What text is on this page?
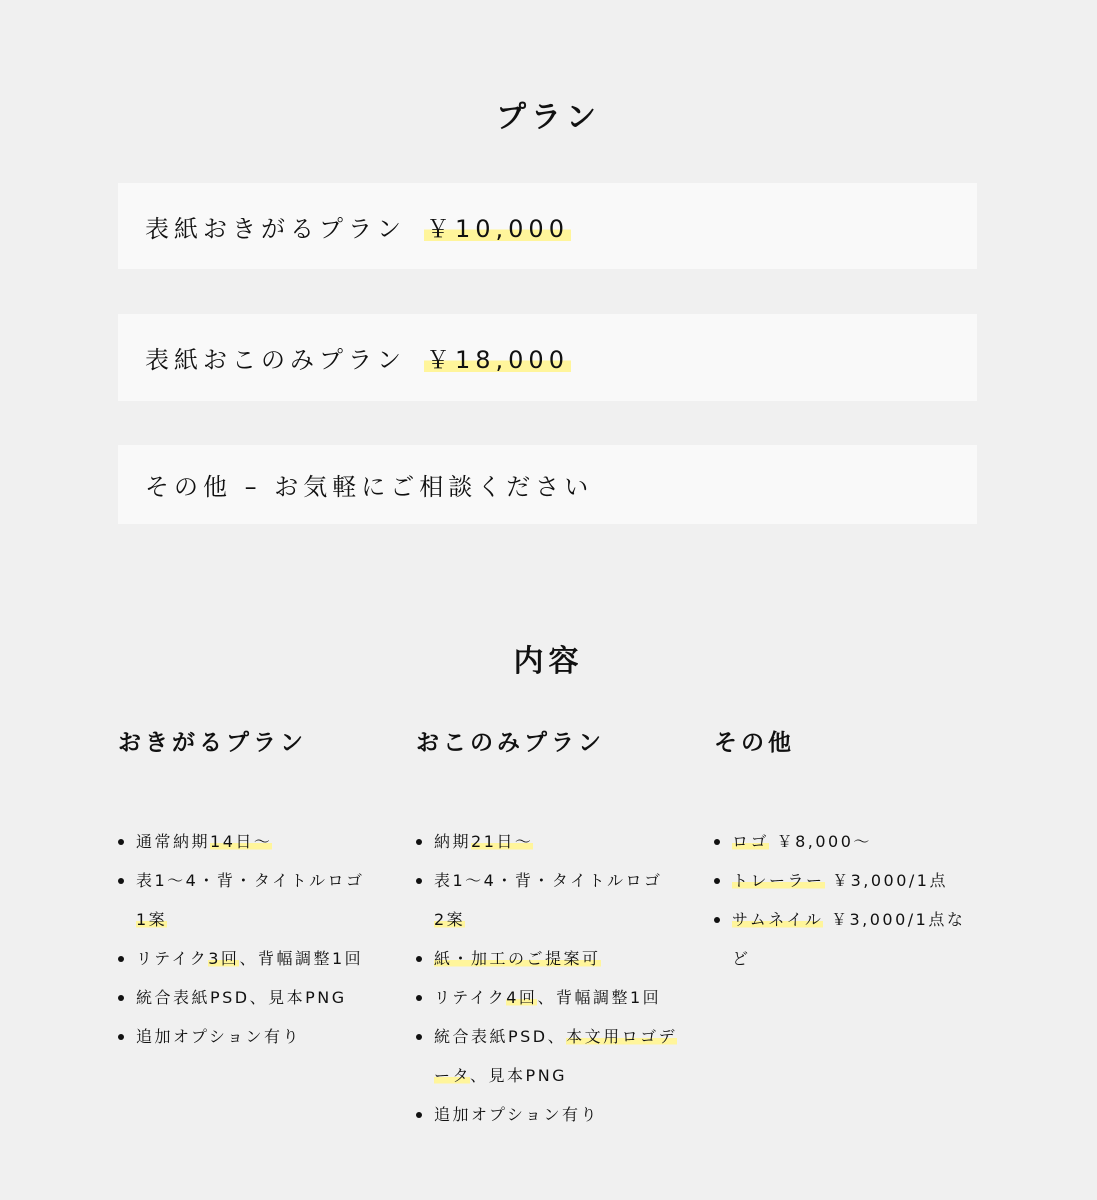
プラン
表紙おきがるプラン ￥10,000
表紙おこのみプラン ￥18,000
その他 – お気軽にご相談ください
内容
おきがるプラン
通常納期14日〜
表1〜4・背・タイトルロゴ　1案
リテイク3回、背幅調整1回
統合表紙PSD、見本PNG
追加オプション有り
おこのみプラン
納期21日〜
表1〜4・背・タイトルロゴ　2案
紙・加工のご提案可
リテイク4回、背幅調整1回
統合表紙PSD、本文用ロゴデータ、見本PNG
追加オプション有り
その他
ロゴ ￥8,000〜
トレーラー ￥3,000/1点
サムネイル ￥3,000/1点など
